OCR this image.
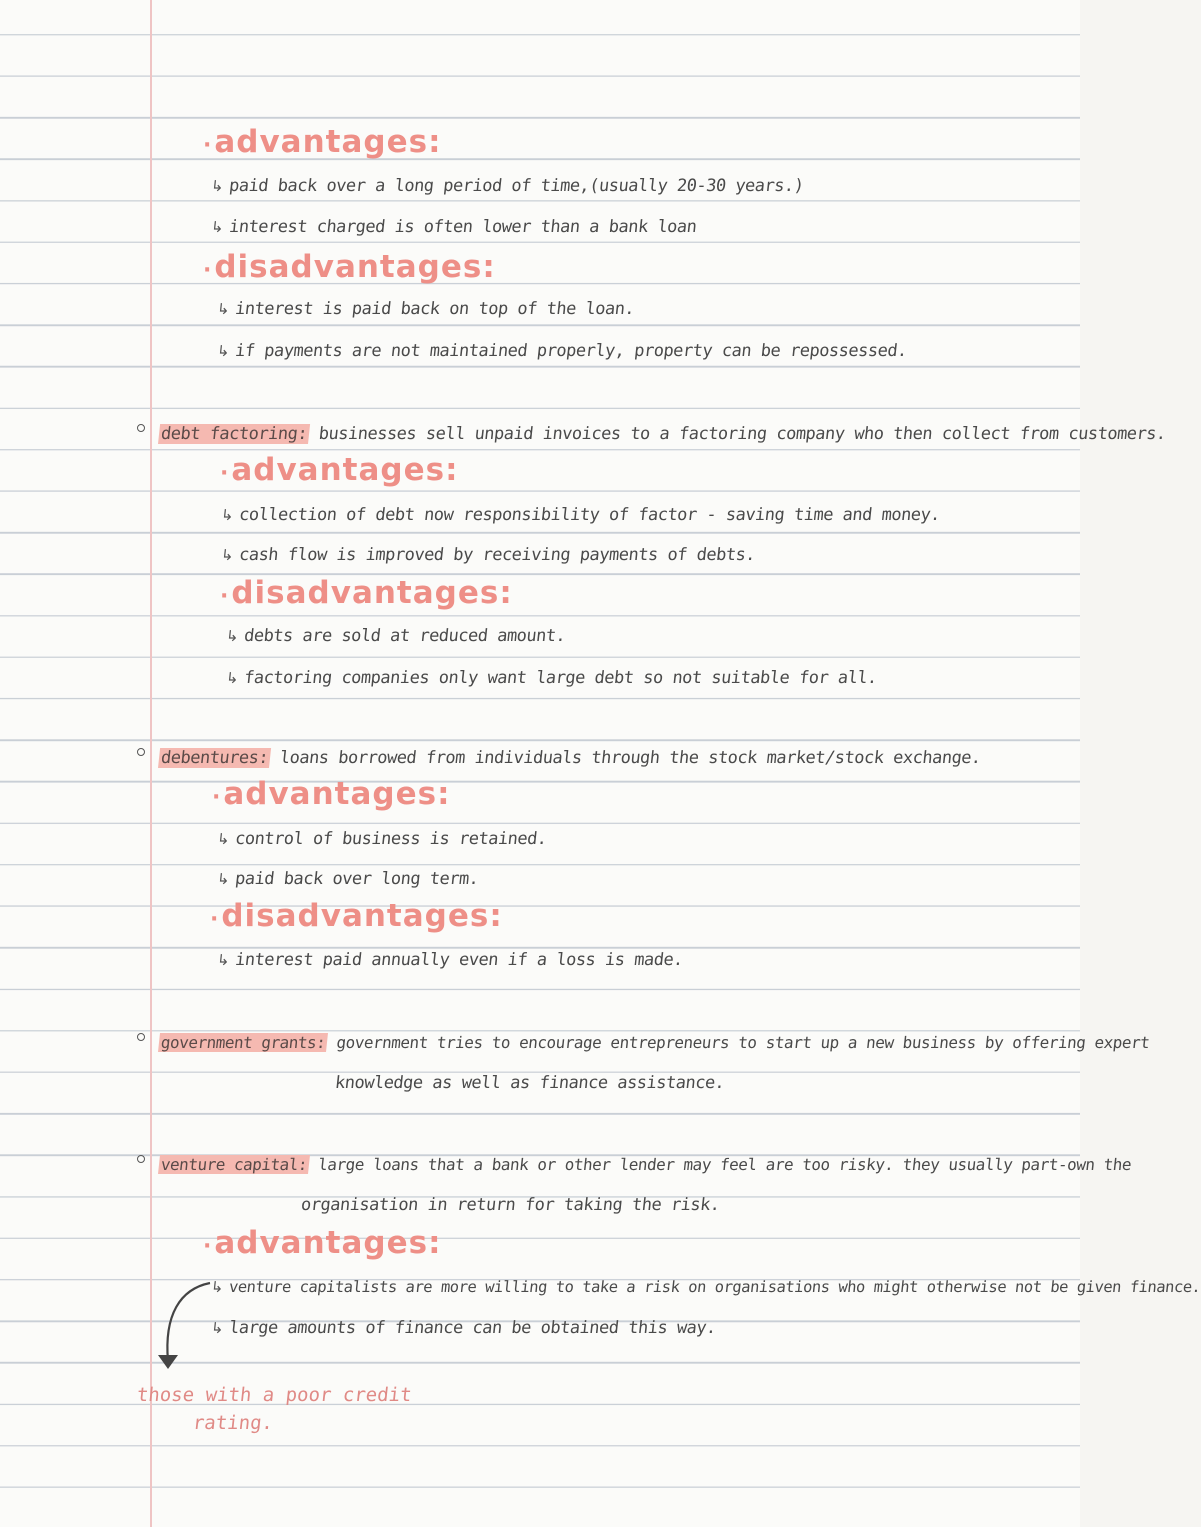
·advantages:
↳ paid back over a long period of time,(usually 20-30 years.)
↳ interest charged is often lower than a bank loan
·disadvantages:
↳ interest is paid back on top of the loan.
↳ if payments are not maintained properly, property can be repossessed.
debt factoring: businesses sell unpaid invoices to a factoring company who then collect from customers.
·advantages:
↳ collection of debt now responsibility of factor - saving time and money.
↳ cash flow is improved by receiving payments of debts.
·disadvantages:
↳ debts are sold at reduced amount.
↳ factoring companies only want large debt so not suitable for all.
debentures: loans borrowed from individuals through the stock market/stock exchange.
·advantages:
↳ control of business is retained.
↳ paid back over long term.
·disadvantages:
↳ interest paid annually even if a loss is made.
government grants: government tries to encourage entrepreneurs to start up a new business by offering expert
knowledge as well as finance assistance.
venture capital: large loans that a bank or other lender may feel are too risky. they usually part-own the
organisation in return for taking the risk.
·advantages:
↳ venture capitalists are more willing to take a risk on organisations who might otherwise not be given finance.
↳ large amounts of finance can be obtained this way.
those with a poor credit
rating.
